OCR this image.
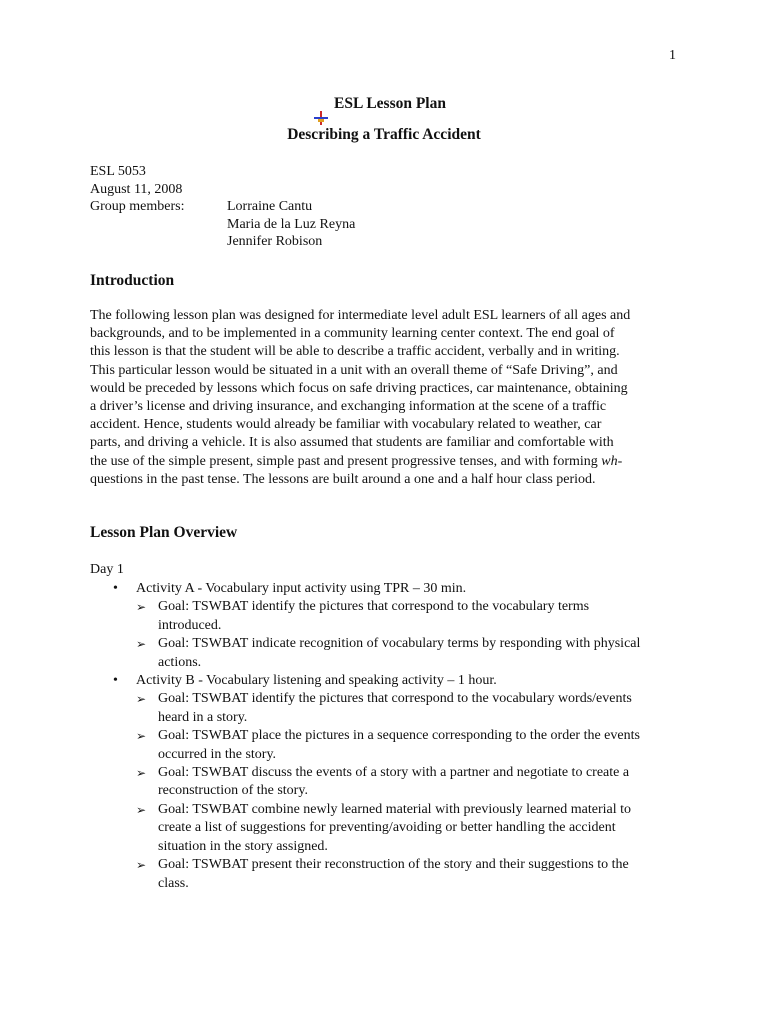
1
ESL Lesson Plan
Describing a Traffic Accident
ESL 5053
August 11, 2008
Group members:	Lorraine Cantu
Maria de la Luz Reyna
Jennifer Robison
Introduction
The following lesson plan was designed for intermediate level adult ESL learners of all ages and
backgrounds, and to be implemented in a community learning center context. The end goal of
this lesson is that the student will be able to describe a traffic accident, verbally and in writing.
This particular lesson would be situated in a unit with an overall theme of “Safe Driving”, and
would be preceded by lessons which focus on safe driving practices, car maintenance, obtaining
a driver’s license and driving insurance, and exchanging information at the scene of a traffic
accident. Hence, students would already be familiar with vocabulary related to weather, car
parts, and driving a vehicle. It is also assumed that students are familiar and comfortable with
the use of the simple present, simple past and present progressive tenses, and with forming wh-
questions in the past tense. The lessons are built around a one and a half hour class period.
Lesson Plan Overview
Day 1
• Activity A - Vocabulary input activity using TPR – 30 min.
➢ Goal: TSWBAT identify the pictures that correspond to the vocabulary terms
introduced.
➢ Goal: TSWBAT indicate recognition of vocabulary terms by responding with physical
actions.
• Activity B - Vocabulary listening and speaking activity – 1 hour.
➢ Goal: TSWBAT identify the pictures that correspond to the vocabulary words/events
heard in a story.
➢ Goal: TSWBAT place the pictures in a sequence corresponding to the order the events
occurred in the story.
➢ Goal: TSWBAT discuss the events of a story with a partner and negotiate to create a
reconstruction of the story.
➢ Goal: TSWBAT combine newly learned material with previously learned material to
create a list of suggestions for preventing/avoiding or better handling the accident
situation in the story assigned.
➢ Goal: TSWBAT present their reconstruction of the story and their suggestions to the
class.
